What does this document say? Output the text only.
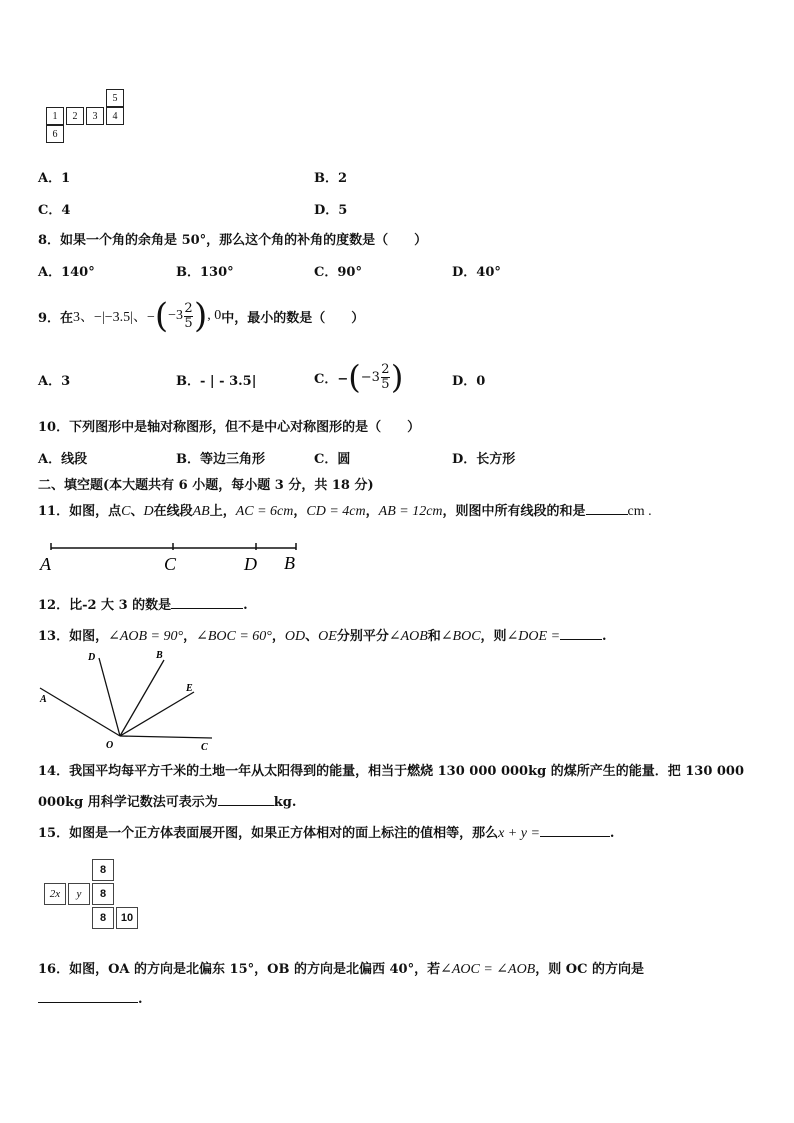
5
1	2	3	4
6
A．1	B．2
C．4	D．5
8．如果一个角的余角是 50°，那么这个角的补角的度数是（　　）
A．140°	B．130°	C．90°	D．40°
9．在 3、−|−3.5|、− ( −3 2
5 ) , 0 中，最小的数是（　　）
A．3	B．- | - 3.5|	C．− ( −3
2
5 )	D．0
10．下列图形中是轴对称图形，但不是中心对称图形的是（　　）
A．线段	B．等边三角形	C．圆	D．长方形
二、填空题(本大题共有 6 小题，每小题 3 分，共 18 分)
11．如图，点C、D在线段AB上，AC = 6cm，CD = 4cm，AB = 12cm，则图中所有线段的和是	cm .
A	C	D B
12．比-2 大 3 的数是	.
13．如图，∠AOB = 90°，∠BOC = 60°，OD、OE分别平分∠AOB和∠BOC，则∠DOE =	.
D	B
E
A
O	C
14．我国平均每平方千米的土地一年从太阳得到的能量，相当于燃烧 130 000 000kg 的煤所产生的能量．把 130 000
000kg 用科学记数法可表示为	kg.
15．如图是一个正方体表面展开图，如果正方体相对的面上标注的值相等，那么x + y =	.
8
2x	y	8
8	10
16．如图，OA 的方向是北偏东 15°，OB 的方向是北偏西 40°，若∠AOC = ∠AOB，则 OC 的方向是
.
